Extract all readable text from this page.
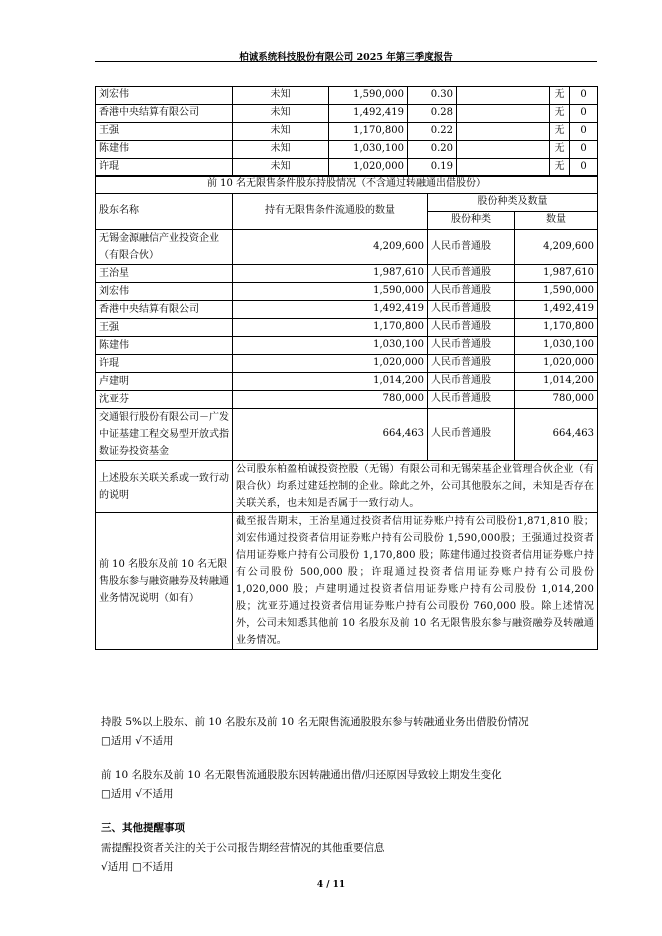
柏诚系统科技股份有限公司 2025 年第三季度报告
刘宏伟	未知	1,590,000	0.30		无	0
香港中央结算有限公司	未知	1,492,419	0.28		无	0
王强	未知	1,170,800	0.22		无	0
陈建伟	未知	1,030,100	0.20		无	0
许琨	未知	1,020,000	0.19		无	0
前 10 名无限售条件股东持股情况（不含通过转融通出借股份）			
股东名称	持有无限售条件流通股的数量	股份种类及数量	
		股份种类	数量
无锡金源融信产业投资企业（有限合伙）	4,209,600	人民币普通股	4,209,600
王治星	1,987,610	人民币普通股	1,987,610
刘宏伟	1,590,000	人民币普通股	1,590,000
香港中央结算有限公司	1,492,419	人民币普通股	1,492,419
王强	1,170,800	人民币普通股	1,170,800
陈建伟	1,030,100	人民币普通股	1,030,100
许琨	1,020,000	人民币普通股	1,020,000
卢建明	1,014,200	人民币普通股	1,014,200
沈亚芬	780,000	人民币普通股	780,000
交通银行股份有限公司－广发中证基建工程交易型开放式指数证券投资基金	664,463	人民币普通股	664,463
上述股东关联关系或一致行动的说明	公司股东柏盈柏诚投资控股（无锡）有限公司和无锡荣基企业管理合伙企业（有限合伙）均系过建廷控制的企业。除此之外，公司其他股东之间，未知是否存在关联关系，也未知是否属于一致行动人。		
前 10 名股东及前 10 名无限售股东参与融资融券及转融通业务情况说明（如有）	截至报告期末，王治星通过投资者信用证券账户持有公司股份1,871,810 股；刘宏伟通过投资者信用证券账户持有公司股份 1,590,000股；王强通过投资者信用证券账户持有公司股份 1,170,800 股；陈建伟通过投资者信用证券账户持有公司股份 500,000 股；许琨通过投资者信用证券账户持有公司股份 1,020,000 股；卢建明通过投资者信用证券账户持有公司股份 1,014,200 股；沈亚芬通过投资者信用证券账户持有公司股份 760,000 股。除上述情况外，公司未知悉其他前 10 名股东及前 10 名无限售股东参与融资融券及转融通业务情况。		
持股 5%以上股东、前 10 名股东及前 10 名无限售流通股股东参与转融通业务出借股份情况
□适用 √不适用
前 10 名股东及前 10 名无限售流通股股东因转融通出借/归还原因导致较上期发生变化
□适用 √不适用
三、其他提醒事项
需提醒投资者关注的关于公司报告期经营情况的其他重要信息
√适用 □不适用
4 / 11
